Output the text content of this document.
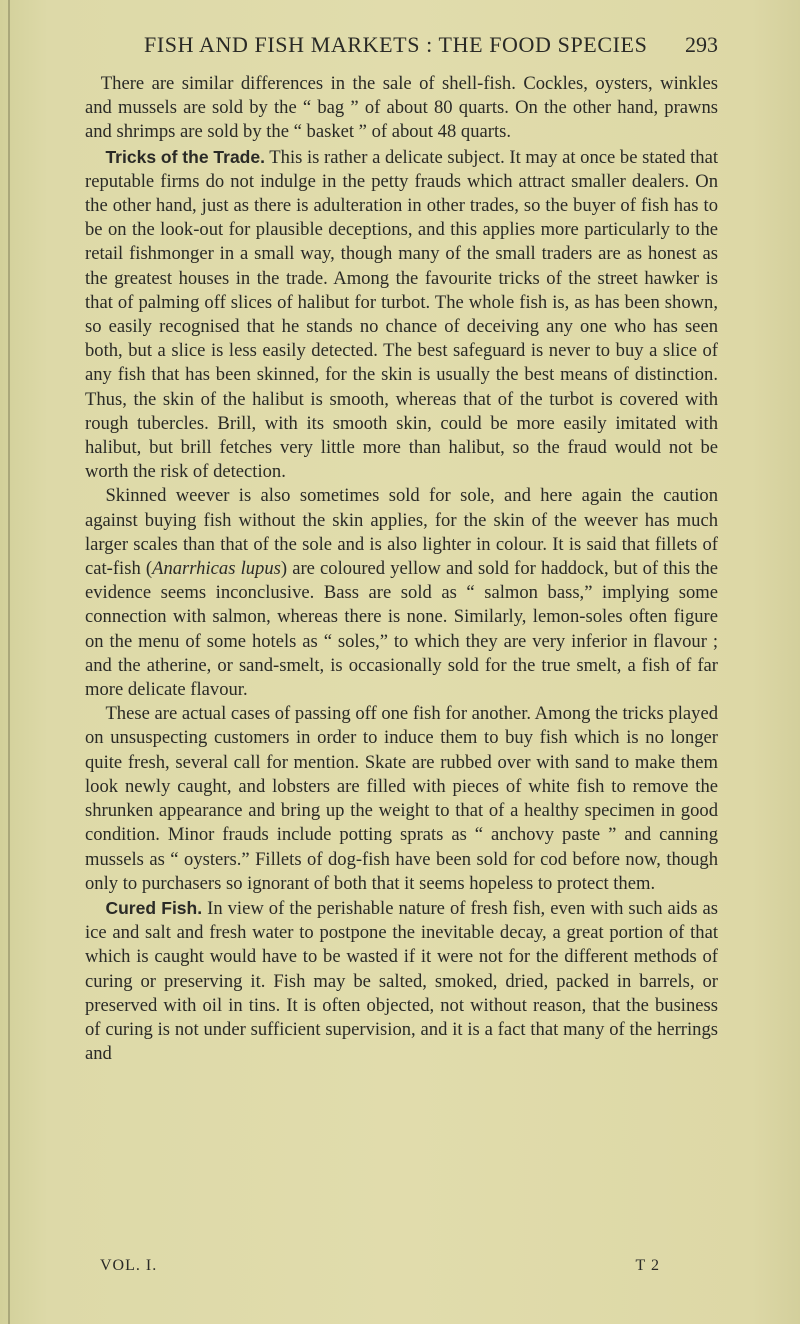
FISH AND FISH MARKETS : THE FOOD SPECIES 293

There are similar differences in the sale of shell-fish. Cockles, oysters, winkles and mussels are sold by the “ bag ” of about 80 quarts. On the other hand, prawns and shrimps are sold by the “ basket ” of about 48 quarts.

Tricks of the Trade. This is rather a delicate subject. It may at once be stated that reputable firms do not indulge in the petty frauds which attract smaller dealers. On the other hand, just as there is adulteration in other trades, so the buyer of fish has to be on the look-out for plausible deceptions, and this applies more particularly to the retail fishmonger in a small way, though many of the small traders are as honest as the greatest houses in the trade. Among the favourite tricks of the street hawker is that of palming off slices of halibut for turbot. The whole fish is, as has been shown, so easily recognised that he stands no chance of deceiving any one who has seen both, but a slice is less easily detected. The best safeguard is never to buy a slice of any fish that has been skinned, for the skin is usually the best means of distinction. Thus, the skin of the halibut is smooth, whereas that of the turbot is covered with rough tubercles. Brill, with its smooth skin, could be more easily imitated with halibut, but brill fetches very little more than halibut, so the fraud would not be worth the risk of detection.

Skinned weever is also sometimes sold for sole, and here again the caution against buying fish without the skin applies, for the skin of the weever has much larger scales than that of the sole and is also lighter in colour. It is said that fillets of cat-fish (Anarrhicas lupus) are coloured yellow and sold for haddock, but of this the evidence seems inconclusive. Bass are sold as “ salmon bass,” implying some connection with salmon, whereas there is none. Similarly, lemon-soles often figure on the menu of some hotels as “ soles,” to which they are very inferior in flavour ; and the atherine, or sand-smelt, is occasionally sold for the true smelt, a fish of far more delicate flavour.

These are actual cases of passing off one fish for another. Among the tricks played on unsuspecting customers in order to induce them to buy fish which is no longer quite fresh, several call for mention. Skate are rubbed over with sand to make them look newly caught, and lobsters are filled with pieces of white fish to remove the shrunken appearance and bring up the weight to that of a healthy specimen in good condition. Minor frauds include potting sprats as “ anchovy paste ” and canning mussels as “ oysters.” Fillets of dog-fish have been sold for cod before now, though only to purchasers so ignorant of both that it seems hopeless to protect them.

Cured Fish. In view of the perishable nature of fresh fish, even with such aids as ice and salt and fresh water to postpone the inevitable decay, a great portion of that which is caught would have to be wasted if it were not for the different methods of curing or preserving it. Fish may be salted, smoked, dried, packed in barrels, or preserved with oil in tins. It is often objected, not without reason, that the business of curing is not under sufficient supervision, and it is a fact that many of the herrings and

VOL. I.	T 2
